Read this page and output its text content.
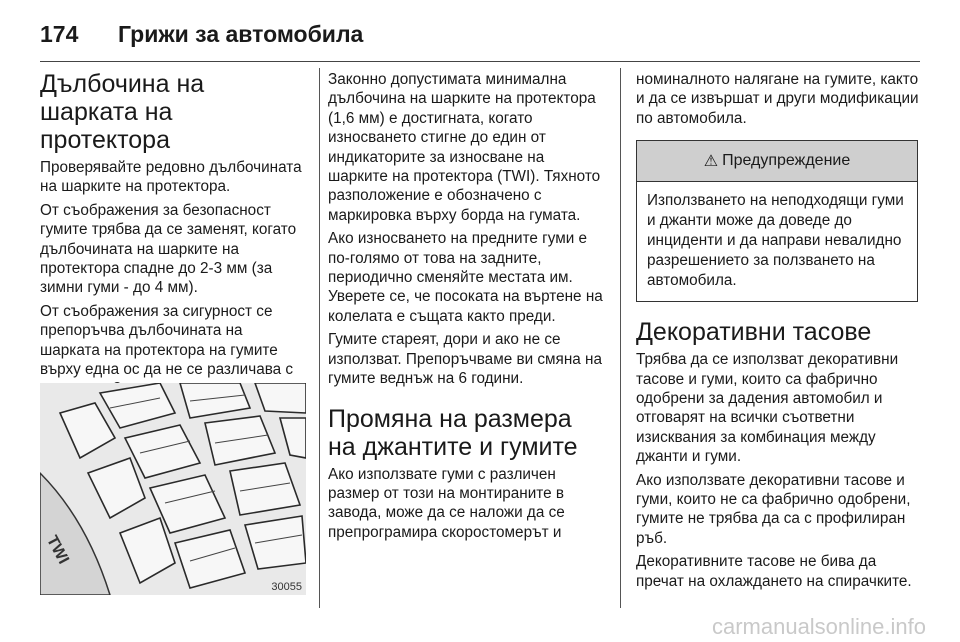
174	Грижи за автомобила
Дълбочина на шарката на протектора

Проверявайте редовно дълбочината на шарките на протектора.

От съображения за безопасност гумите трябва да се заменят, когато дълбочината на шарките на протектора спадне до 2-3 мм (за зимни гуми - до 4 мм).

От съображения за сигурност се препоръчва дълбочината на шарката на протектора на гумите върху една ос да не се различава с

TWI
30055

Законно допустимата минимална дълбочина на шарките на протектора (1,6 мм) е достигната, когато износването стигне до един от индикаторите за износване на шарките на протектора (TWI). Тяхното разположение е обозначено с маркировка върху борда на гумата.

Ако износването на предните гуми е по-голямо от това на задните, периодично сменяйте местата им. Уверете се, че посоката на въртене на колелата е същата както преди.

Гумите стареят, дори и ако не се използват. Препоръчваме ви смяна на гумите веднъж на 6 години.

Промяна на размера на джантите и гумите

Ако използвате гуми с различен размер от този на монтираните в завода, може да се наложи да се препрограмира скоростомерът и

номиналното налягане на гумите, както и да се извършат и други модификации по автомобила.

⚠ Предупреждение
Използването на неподходящи гуми и джанти може да доведе до инциденти и да направи невалидно разрешението за ползването на автомобила.
Декоративни тасове

Трябва да се използват декоративни тасове и гуми, които са фабрично одобрени за дадения автомобил и отговарят на всички съответни изисквания за комбинация между джанти и гуми.

Ако използвате декоративни тасове и гуми, които не са фабрично одобрени, гумите не трябва да са с профилиран ръб.

Декоративните тасове не бива да пречат на охлаждането на спирачките.

carmanualsonline.info
